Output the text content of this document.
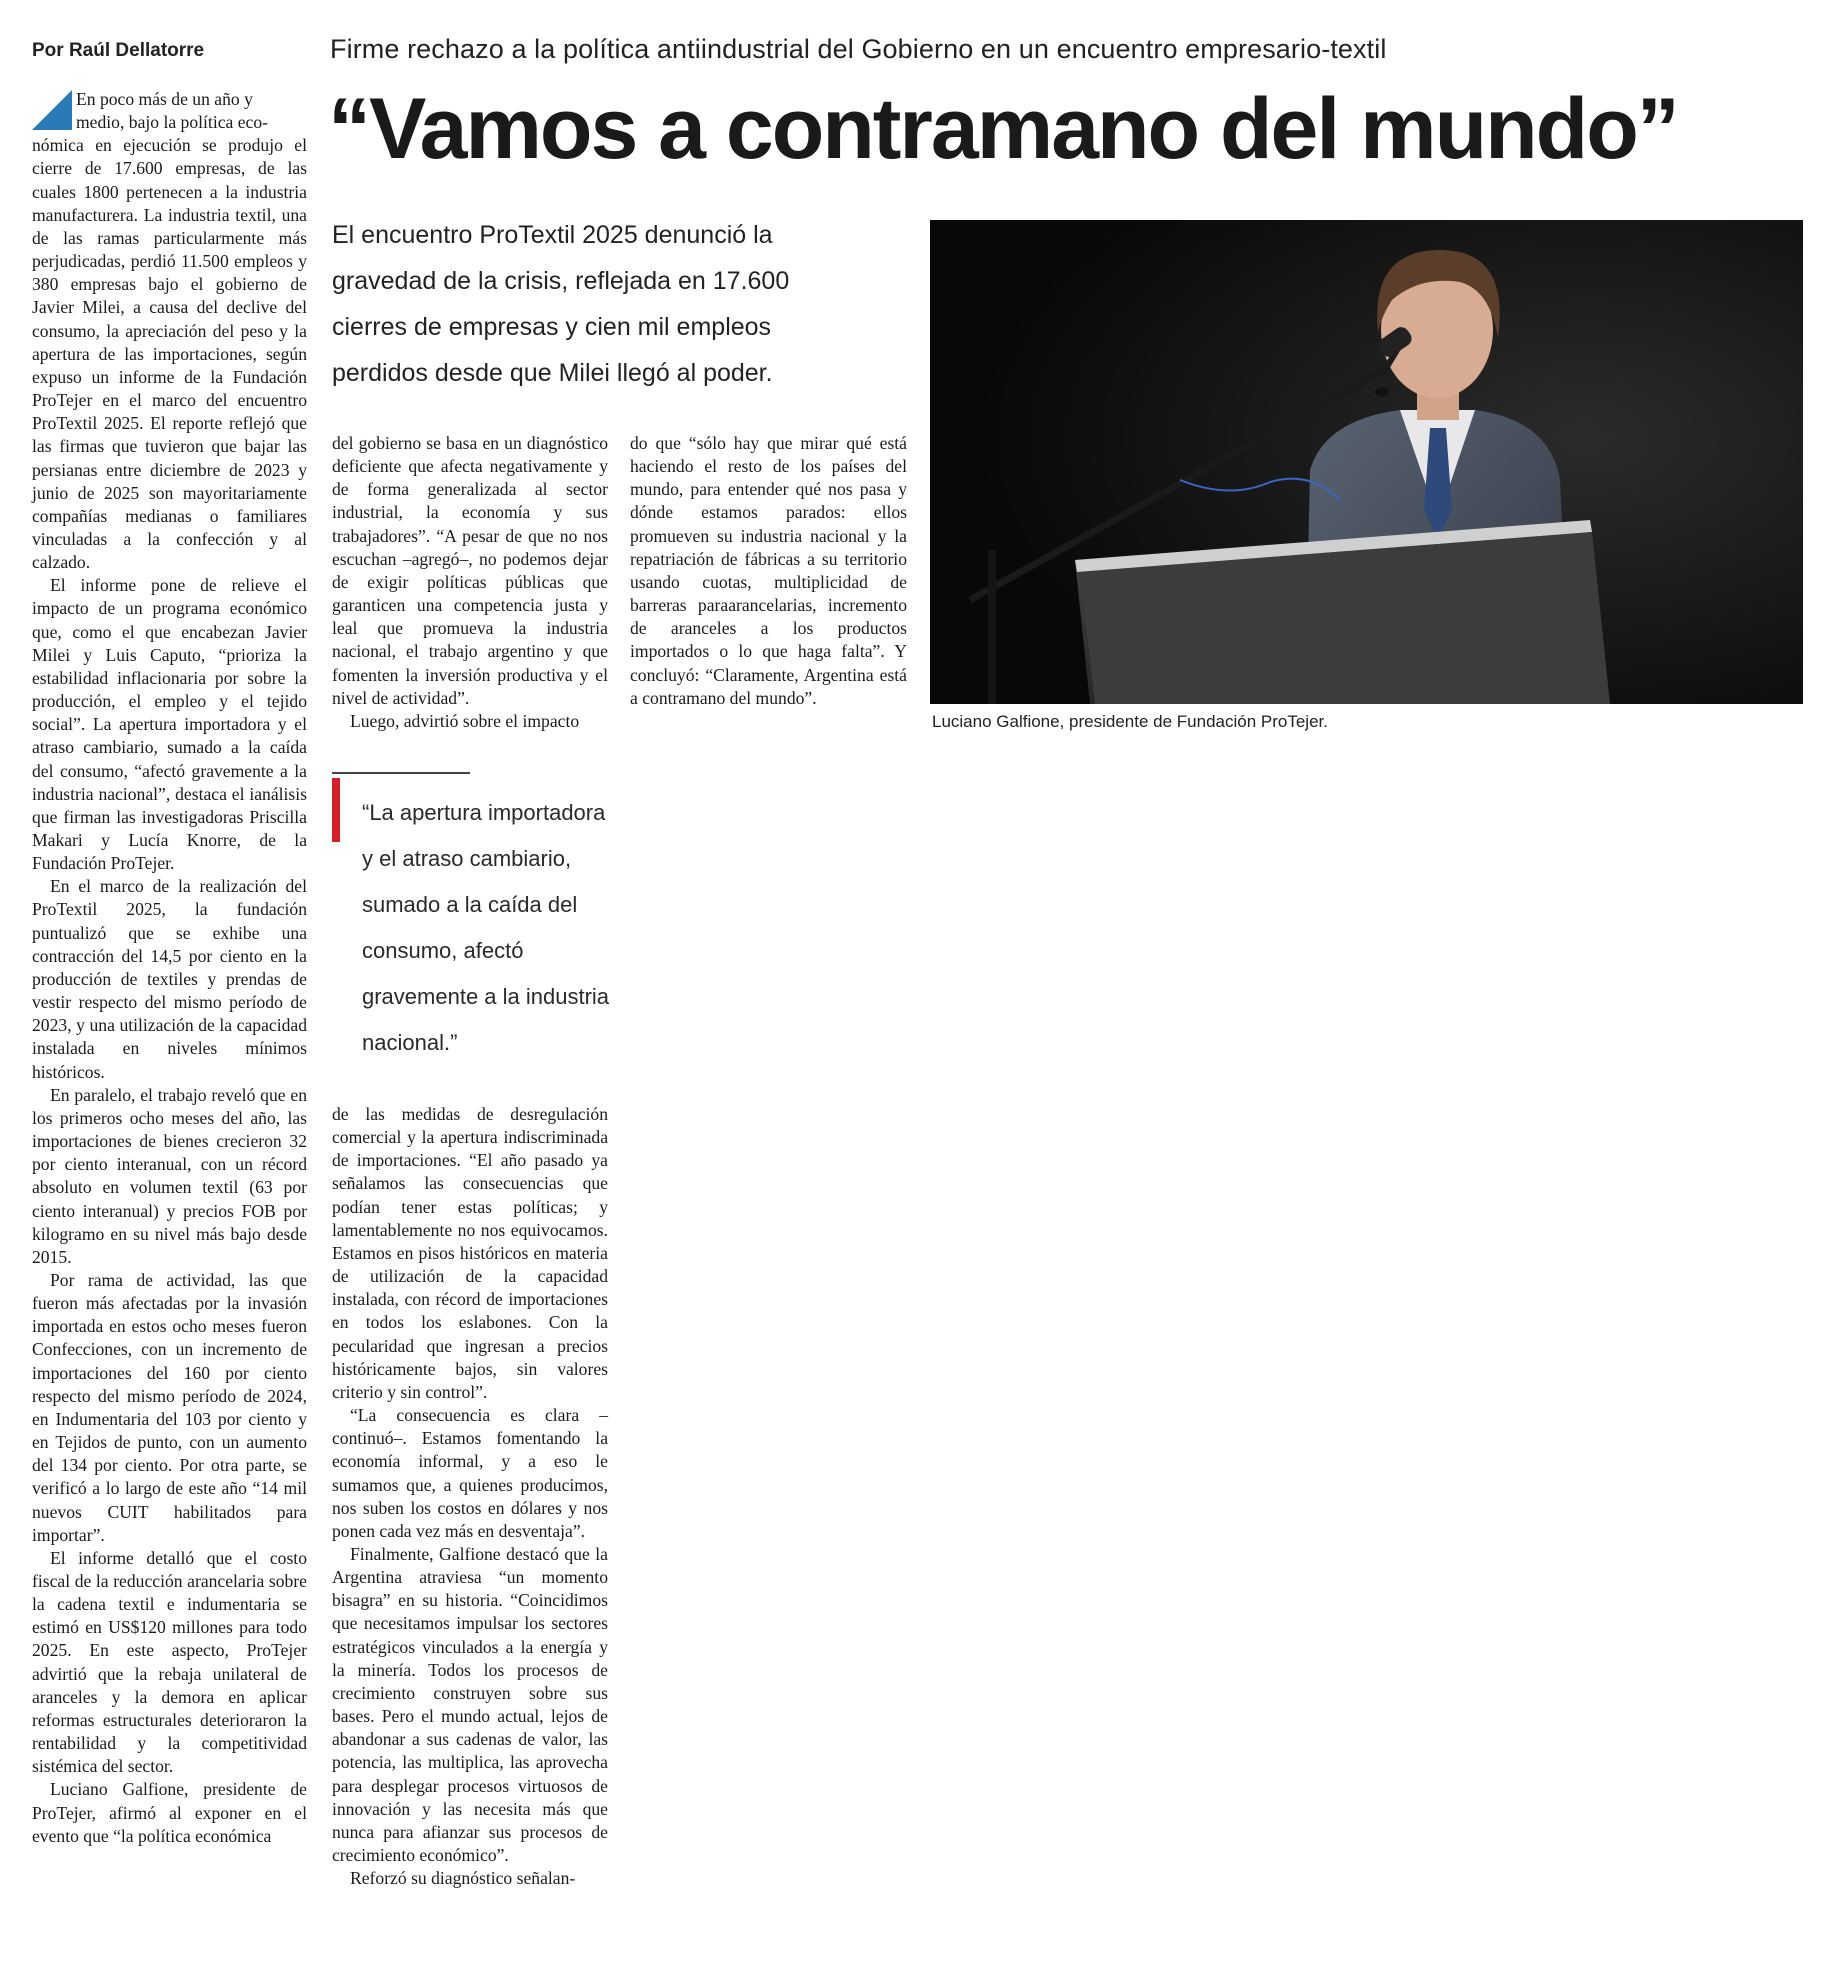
Por Raúl Dellatorre	Firme rechazo a la política antiindustrial del Gobierno en un encuentro empresario-textil
“Vamos a contramano del mundo”
El encuentro ProTextil 2025 denunció la gravedad de la crisis, reflejada en 17.600 cierres de empresas y cien mil empleos perdidos desde que Milei llegó al poder.

En poco más de un año y

medio, bajo la política eco-

nómica en ejecución se produjo el cierre de 17.600 empresas, de las cuales 1800 pertenecen a la industria manufacturera. La industria textil, una de las ramas particularmente más perjudicadas, perdió 11.500 empleos y 380 empresas bajo el gobierno de Javier Milei, a causa del declive del consumo, la apreciación del peso y la apertura de las importaciones, según expuso un informe de la Fundación ProTejer en el marco del encuentro ProTextil 2025. El reporte reflejó que las firmas que tuvieron que bajar las persianas entre diciembre de 2023 y junio de 2025 son mayoritariamente compañías medianas o familiares vinculadas a la confección y al calzado.

El informe pone de relieve el impacto de un programa económico que, como el que encabezan Javier Milei y Luis Caputo, “prioriza la estabilidad inflacionaria por sobre la producción, el empleo y el tejido social”. La apertura importadora y el atraso cambiario, sumado a la caída del consumo, “afectó gravemente a la industria nacional”, destaca el ianálisis que firman las investigadoras Priscilla Makari y Lucía Knorre, de la Fundación ProTejer.

En el marco de la realización del ProTextil 2025, la fundación puntualizó que se exhibe una contracción del 14,5 por ciento en la producción de textiles y prendas de vestir respecto del mismo período de 2023, y una utilización de la capacidad instalada en niveles mínimos históricos.

En paralelo, el trabajo reveló que en los primeros ocho meses del año, las importaciones de bienes crecieron 32 por ciento interanual, con un récord absoluto en volumen textil (63 por ciento interanual) y precios FOB por kilogramo en su nivel más bajo desde 2015.

Por rama de actividad, las que fueron más afectadas por la invasión importada en estos ocho meses fueron Confecciones, con un incremento de importaciones del 160 por ciento respecto del mismo período de 2024, en Indumentaria del 103 por ciento y en Tejidos de punto, con un aumento del 134 por ciento. Por otra parte, se verificó a lo largo de este año “14 mil nuevos CUIT habilitados para importar”.

El informe detalló que el costo fiscal de la reducción arancelaria sobre la cadena textil e indumentaria se estimó en US$120 millones para todo 2025. En este aspecto, ProTejer advirtió que la rebaja unilateral de aranceles y la demora en aplicar reformas estructurales deterioraron la rentabilidad y la competitividad sistémica del sector.

Luciano Galfione, presidente de ProTejer, afirmó al exponer en el evento que “la política económica

del gobierno se basa en un diagnóstico deficiente que afecta negativamente y de forma generalizada al sector industrial, la economía y sus trabajadores”. “A pesar de que no nos escuchan –agregó–, no podemos dejar de exigir políticas públicas que garanticen una competencia justa y leal que promueva la industria nacional, el trabajo argentino y que fomenten la inversión productiva y el nivel de actividad”.

Luego, advirtió sobre el impacto

“La apertura importadora y el atraso cambiario, sumado a la caída del consumo, afectó gravemente a la industria nacional.”

de las medidas de desregulación comercial y la apertura indiscriminada de importaciones. “El año pasado ya señalamos las consecuencias que podían tener estas políticas; y lamentablemente no nos equivocamos. Estamos en pisos históricos en materia de utilización de la capacidad instalada, con récord de importaciones en todos los eslabones. Con la pecularidad que ingresan a precios históricamente bajos, sin valores criterio y sin control”.

“La consecuencia es clara –continuó–. Estamos fomentando la economía informal, y a eso le sumamos que, a quienes producimos, nos suben los costos en dólares y nos ponen cada vez más en desventaja”.

Finalmente, Galfione destacó que la Argentina atraviesa “un momento bisagra” en su historia. “Coincidimos que necesitamos impulsar los sectores estratégicos vinculados a la energía y la minería. Todos los procesos de crecimiento construyen sobre sus bases. Pero el mundo actual, lejos de abandonar a sus cadenas de valor, las potencia, las multiplica, las aprovecha para desplegar procesos virtuosos de innovación y las necesita más que nunca para afianzar sus procesos de crecimiento económico”.

Reforzó su diagnóstico señalan-

do que “sólo hay que mirar qué está haciendo el resto de los países del mundo, para entender qué nos pasa y dónde estamos parados: ellos promueven su industria nacional y la repatriación de fábricas a su territorio usando cuotas, multiplicidad de barreras paraarancelarias, incremento de aranceles a los productos importados o lo que haga falta”. Y concluyó: “Claramente, Argentina está a contramano del mundo”.

Luciano Galfione, presidente de Fundación ProTejer.
